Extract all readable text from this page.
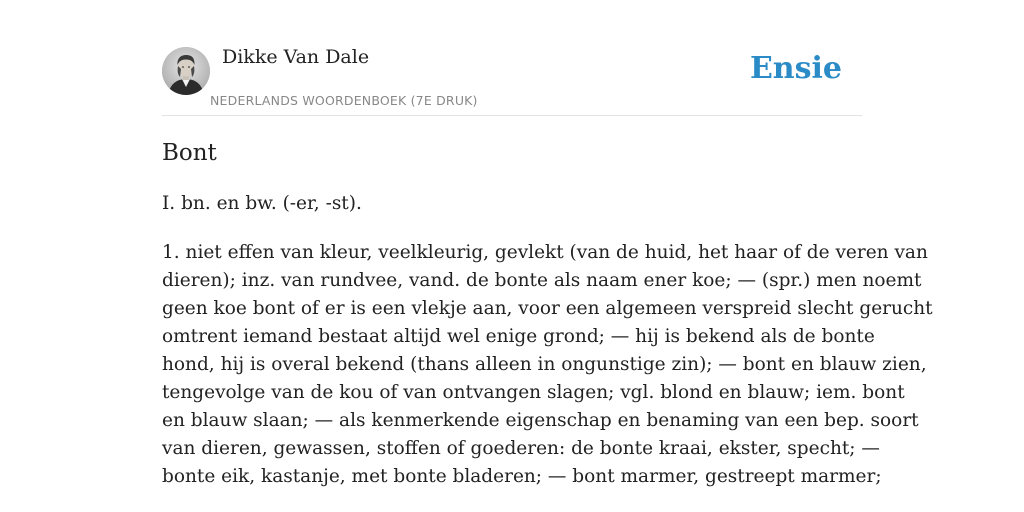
Dikke Van Dale
NEDERLANDS WOORDENBOEK (7E DRUK)
Ensie
Bont

I. bn. en bw. (-er, -st).

1. niet effen van kleur, veelkleurig, gevlekt (van de huid, het haar of de veren van
dieren); inz. van rundvee, vand. de bonte als naam ener koe; — (spr.) men noemt
geen koe bont of er is een vlekje aan, voor een algemeen verspreid slecht gerucht
omtrent iemand bestaat altijd wel enige grond; — hij is bekend als de bonte
hond, hij is overal bekend (thans alleen in ongunstige zin); — bont en blauw zien,
tengevolge van de kou of van ontvangen slagen; vgl. blond en blauw; iem. bont
en blauw slaan; — als kenmerkende eigenschap en benaming van een bep. soort
van dieren, gewassen, stoffen of goederen: de bonte kraai, ekster, specht; —
bonte eik, kastanje, met bonte bladeren; — bont marmer, gestreept marmer;
